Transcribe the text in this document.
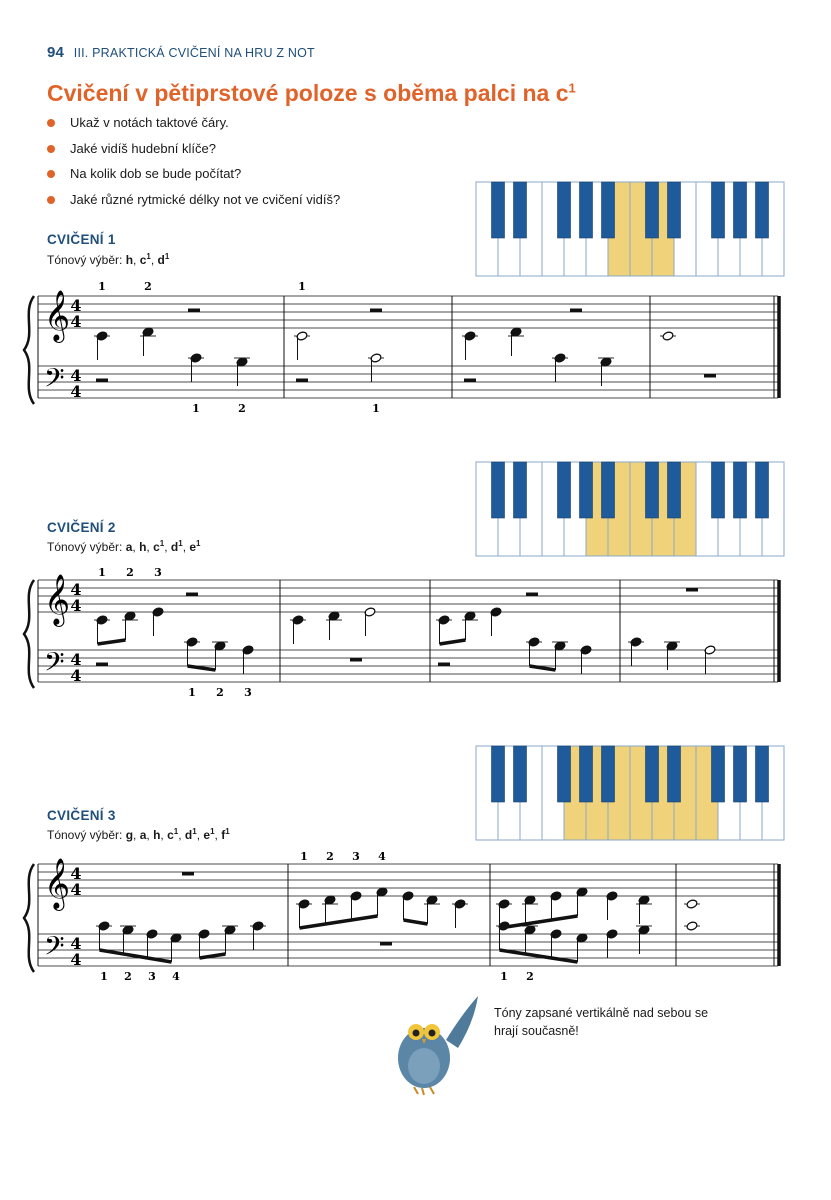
94 III. PRAKTICKÁ CVIČENÍ NA HRU Z NOT
Cvičení v pětiprstové poloze s oběma palci na $c^1$
Ukaž v notách taktové čáry.
Jaké vidíš hudební klíče?
Na kolik dob se bude počítat?
Jaké různé rytmické délky not ve cvičení vidíš?
CVIČENÍ 1
Tónový výběr: h, $c^1$, $d^1$
𝄞
𝄢
4
4
4
4
1	2
1	2
1
1
CVIČENÍ 2
Tónový výběr: a, h, $c^1$, $d^1$, $e^1$
𝄞
𝄢
4
4
4
4
1 2 3
1 2 3
CVIČENÍ 3
Tónový výběr: g, a, h, $c^1$, $d^1$, $e^1$, $f^1$
𝄞
𝄢
4
4
4
4
1 2 3 4
1 2 3 4
1 2
Tóny zapsané vertikálně nad sebou se hrají současně!
